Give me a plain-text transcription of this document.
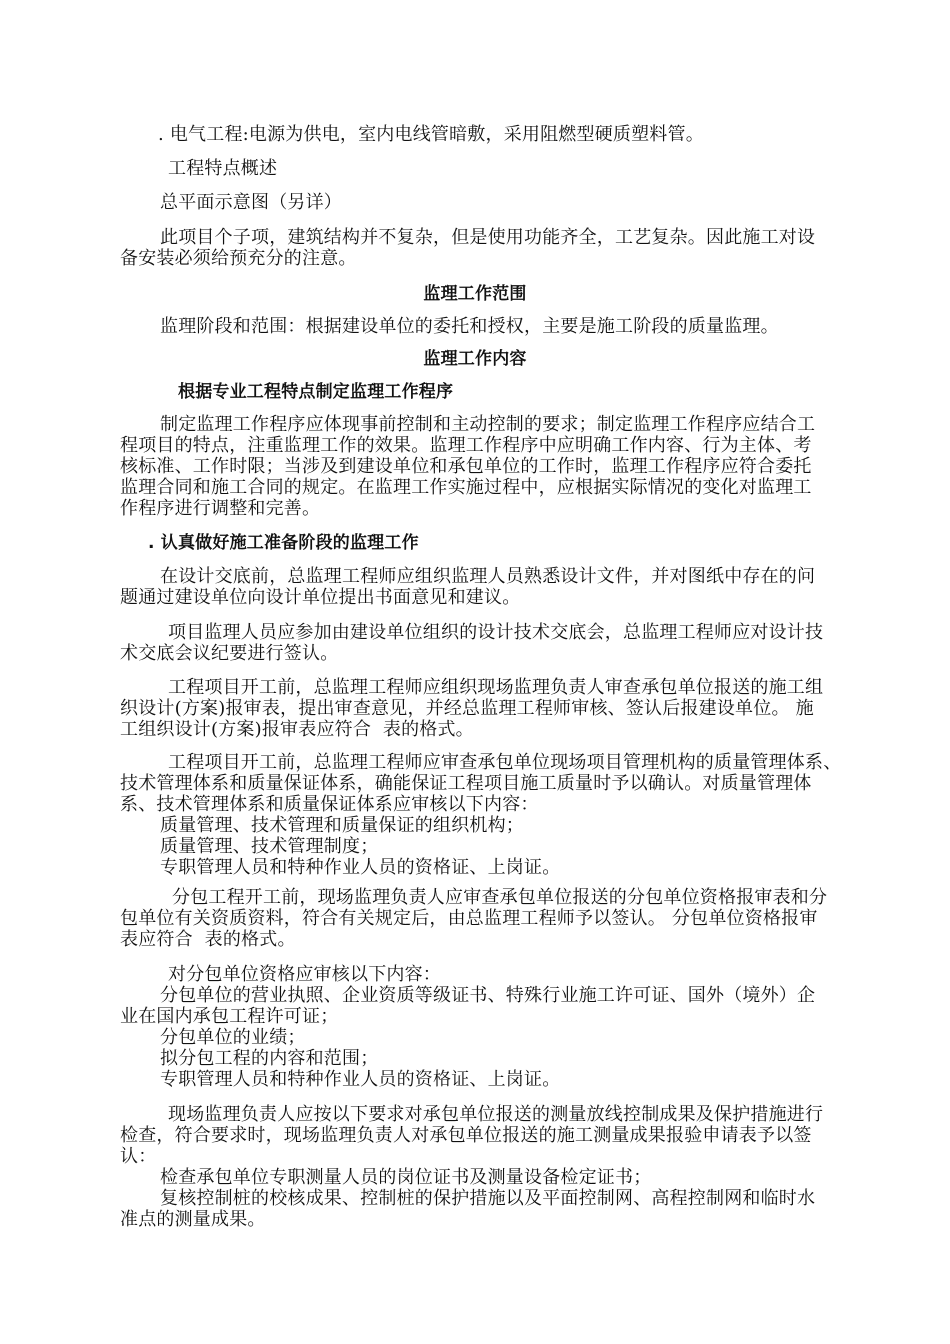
. 电气工程:电源为供电，室内电线管暗敷，采用阻燃型硬质塑料管。
工程特点概述
总平面示意图（另详）
此项目个子项，建筑结构并不复杂，但是使用功能齐全，工艺复杂。因此施工对设
备安装必须给预充分的注意。
监理工作范围
监理阶段和范围：根据建设单位的委托和授权，主要是施工阶段的质量监理。
监理工作内容
根据专业工程特点制定监理工作程序
制定监理工作程序应体现事前控制和主动控制的要求；制定监理工作程序应结合工
程项目的特点，注重监理工作的效果。监理工作程序中应明确工作内容、行为主体、考
核标准、工作时限；当涉及到建设单位和承包单位的工作时，监理工作程序应符合委托
监理合同和施工合同的规定。在监理工作实施过程中，应根据实际情况的变化对监理工
作程序进行调整和完善。
. 认真做好施工准备阶段的监理工作
在设计交底前，总监理工程师应组织监理人员熟悉设计文件，并对图纸中存在的问
题通过建设单位向设计单位提出书面意见和建议。
项目监理人员应参加由建设单位组织的设计技术交底会，总监理工程师应对设计技
术交底会议纪要进行签认。
工程项目开工前，总监理工程师应组织现场监理负责人审查承包单位报送的施工组
织设计(方案)报审表，提出审查意见，并经总监理工程师审核、签认后报建设单位。 施
工组织设计(方案)报审表应符合  表的格式。
工程项目开工前，总监理工程师应审查承包单位现场项目管理机构的质量管理体系、
技术管理体系和质量保证体系，确能保证工程项目施工质量时予以确认。对质量管理体
系、技术管理体系和质量保证体系应审核以下内容：
质量管理、技术管理和质量保证的组织机构；
质量管理、技术管理制度；
专职管理人员和特种作业人员的资格证、上岗证。
分包工程开工前，现场监理负责人应审查承包单位报送的分包单位资格报审表和分
包单位有关资质资料，符合有关规定后，由总监理工程师予以签认。 分包单位资格报审
表应符合  表的格式。
对分包单位资格应审核以下内容：
分包单位的营业执照、企业资质等级证书、特殊行业施工许可证、国外（境外）企
业在国内承包工程许可证；
分包单位的业绩；
拟分包工程的内容和范围；
专职管理人员和特种作业人员的资格证、上岗证。
现场监理负责人应按以下要求对承包单位报送的测量放线控制成果及保护措施进行
检查，符合要求时，现场监理负责人对承包单位报送的施工测量成果报验申请表予以签
认：
检查承包单位专职测量人员的岗位证书及测量设备检定证书；
复核控制桩的校核成果、控制桩的保护措施以及平面控制网、高程控制网和临时水
准点的测量成果。
